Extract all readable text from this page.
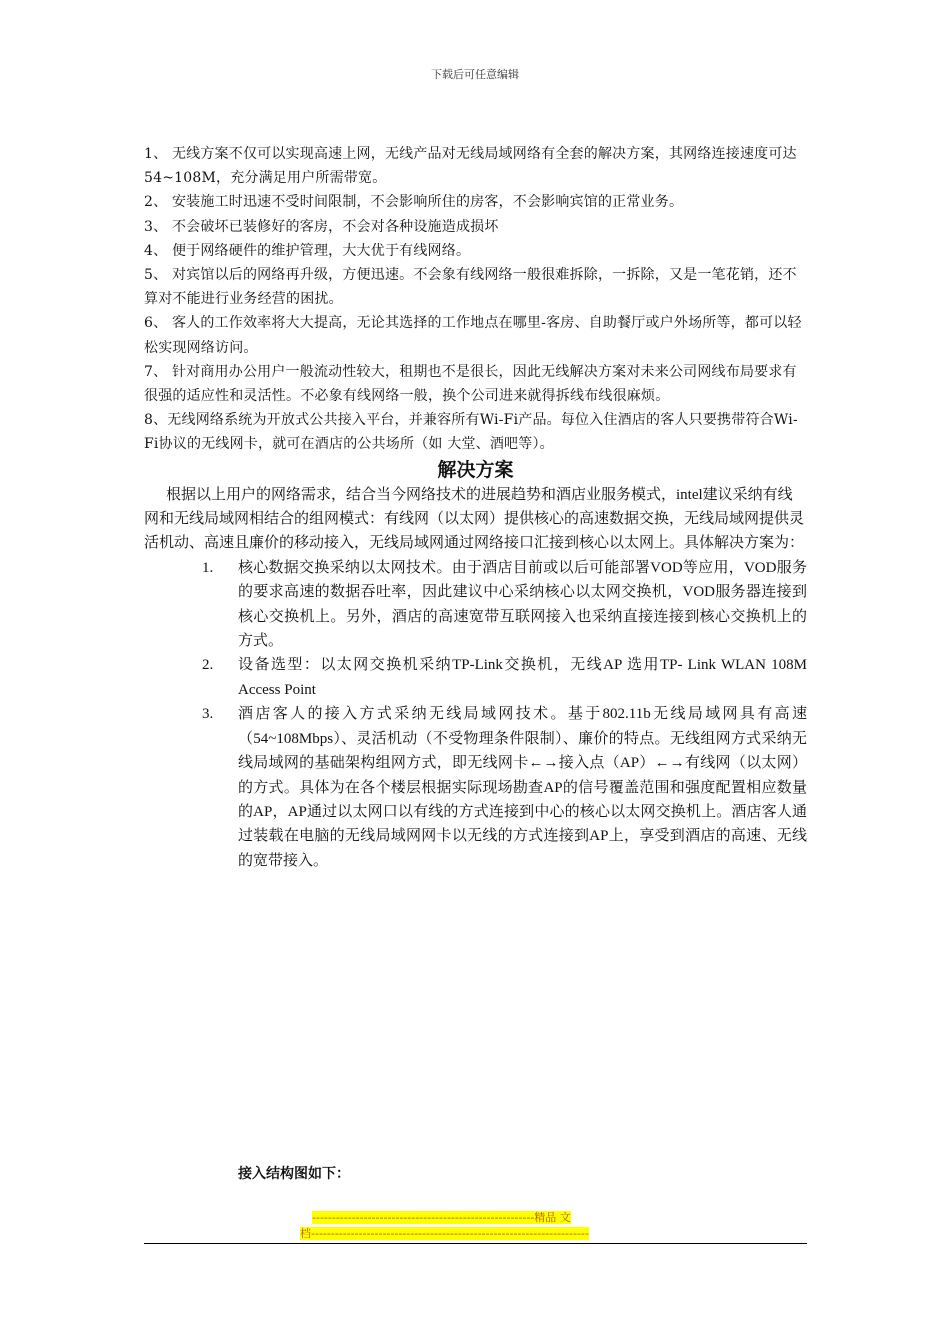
下载后可任意编辑

1、 无线方案不仅可以实现高速上网，无线产品对无线局域网络有全套的解决方案，其网络连接速度可达54~108M，充分满足用户所需带宽。

2、 安装施工时迅速不受时间限制，不会影响所住的房客，不会影响宾馆的正常业务。

3、 不会破坏已装修好的客房，不会对各种设施造成损坏

4、 便于网络硬件的维护管理，大大优于有线网络。

5、 对宾馆以后的网络再升级，方便迅速。不会象有线网络一般很难拆除，一拆除，又是一笔花销，还不算对不能进行业务经营的困扰。

6、 客人的工作效率将大大提高，无论其选择的工作地点在哪里-客房、自助餐厅或户外场所等，都可以轻松实现网络访问。

7、 针对商用办公用户一般流动性较大，租期也不是很长，因此无线解决方案对未来公司网线布局要求有很强的适应性和灵活性。不必象有线网络一般，换个公司进来就得拆线布线很麻烦。

8、无线网络系统为开放式公共接入平台，并兼容所有Wi-Fi产品。每位入住酒店的客人只要携带符合Wi-Fi协议的无线网卡，就可在酒店的公共场所（如 大堂、酒吧等）。

解决方案

根据以上用户的网络需求，结合当今网络技术的进展趋势和酒店业服务模式，intel建议采纳有线网和无线局域网相结合的组网模式：有线网（以太网）提供核心的高速数据交换，无线局域网提供灵活机动、高速且廉价的移动接入，无线局域网通过网络接口汇接到核心以太网上。具体解决方案为：

1. 核心数据交换采纳以太网技术。由于酒店目前或以后可能部署VOD等应用，VOD服务的要求高速的数据吞吐率，因此建议中心采纳核心以太网交换机，VOD服务器连接到核心交换机上。另外，酒店的高速宽带互联网接入也采纳直接连接到核心交换机上的方式。
2. 设备选型：以太网交换机采纳TP-Link交换机，无线AP 选用TP- Link WLAN 108M Access Point
3. 酒店客人的接入方式采纳无线局域网技术。基于802.11b无线局域网具有高速（54~108Mbps）、灵活机动（不受物理条件限制）、廉价的特点。无线组网方式采纳无线局域网的基础架构组网方式，即无线网卡←→接入点（AP）←→有线网（以太网）的方式。具体为在各个楼层根据实际现场勘查AP的信号覆盖范围和强度配置相应数量的AP，AP通过以太网口以有线的方式连接到中心的核心以太网交换机上。酒店客人通过装载在电脑的无线局域网网卡以无线的方式连接到AP上，享受到酒店的高速、无线的宽带接入。
接入结构图如下：
--------------------------------------------------------精品 文
档----------------------------------------------------------------------
